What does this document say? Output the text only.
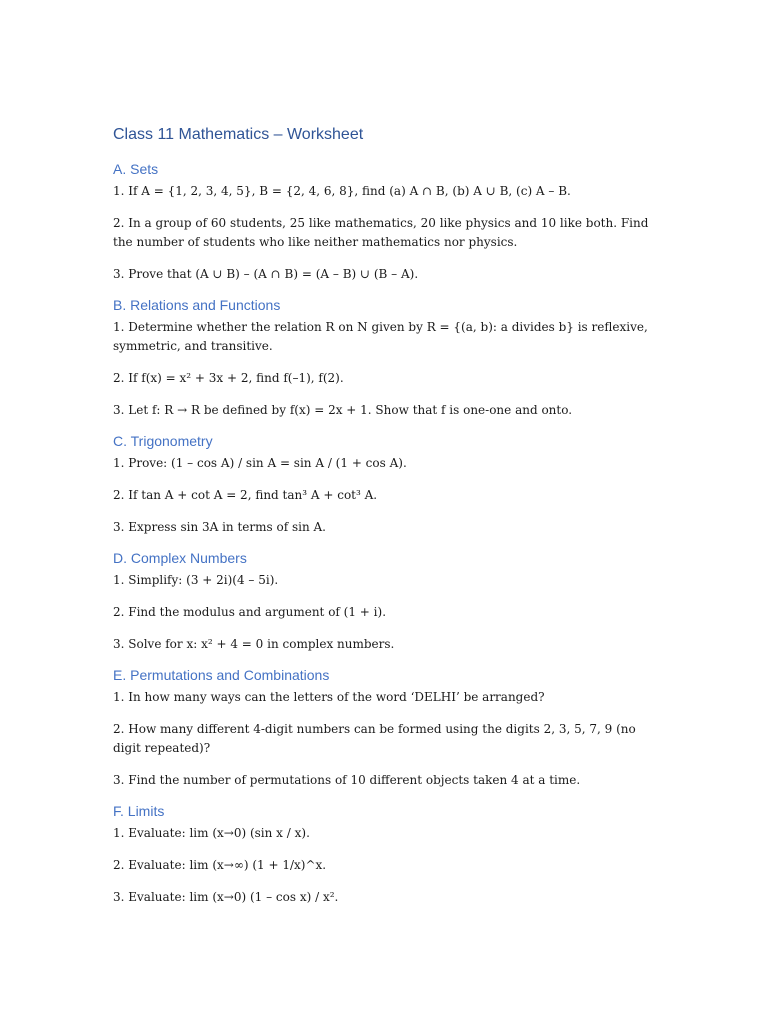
Class 11 Mathematics – Worksheet
A. Sets

1. If A = {1, 2, 3, 4, 5}, B = {2, 4, 6, 8}, find (a) A ∩ B, (b) A ∪ B, (c) A – B.

2. In a group of 60 students, 25 like mathematics, 20 like physics and 10 like both. Find the number of students who like neither mathematics nor physics.

3. Prove that (A ∪ B) – (A ∩ B) = (A – B) ∪ (B – A).

B. Relations and Functions

1. Determine whether the relation R on N given by R = {(a, b): a divides b} is reflexive, symmetric, and transitive.

2. If f(x) = x² + 3x + 2, find f(–1), f(2).

3. Let f: R → R be defined by f(x) = 2x + 1. Show that f is one-one and onto.

C. Trigonometry

1. Prove: (1 – cos A) / sin A = sin A / (1 + cos A).

2. If tan A + cot A = 2, find tan³ A + cot³ A.

3. Express sin 3A in terms of sin A.

D. Complex Numbers

1. Simplify: (3 + 2i)(4 – 5i).

2. Find the modulus and argument of (1 + i).

3. Solve for x: x² + 4 = 0 in complex numbers.

E. Permutations and Combinations

1. In how many ways can the letters of the word ‘DELHI’ be arranged?

2. How many different 4-digit numbers can be formed using the digits 2, 3, 5, 7, 9 (no digit repeated)?

3. Find the number of permutations of 10 different objects taken 4 at a time.

F. Limits

1. Evaluate: lim (x→0) (sin x / x).

2. Evaluate: lim (x→∞) (1 + 1/x)^x.

3. Evaluate: lim (x→0) (1 – cos x) / x².
